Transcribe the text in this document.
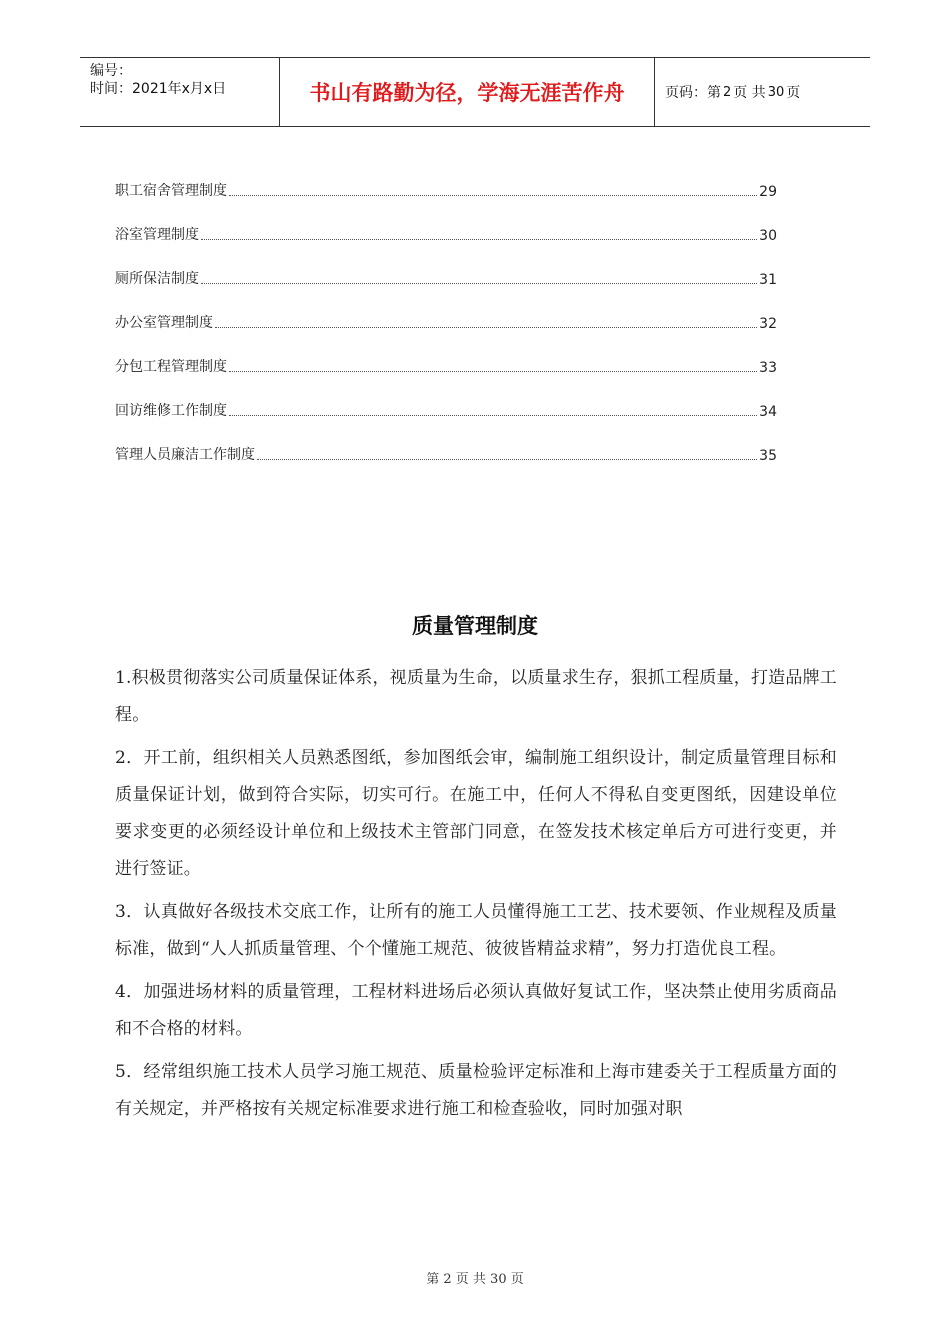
编号：
时间：2021年x月x日	书山有路勤为径，学海无涯苦作舟	页码：第 2 页 共 30 页
职工宿舍管理制度	29
浴室管理制度	30
厕所保洁制度	31
办公室管理制度	32
分包工程管理制度	33
回访维修工作制度	34
管理人员廉洁工作制度	35
质量管理制度

1.积极贯彻落实公司质量保证体系，视质量为生命，以质量求生存，狠抓工程质量，打造品牌工程。

2．开工前，组织相关人员熟悉图纸，参加图纸会审，编制施工组织设计，制定质量管理目标和质量保证计划，做到符合实际，切实可行。在施工中，任何人不得私自变更图纸，因建设单位要求变更的必须经设计单位和上级技术主管部门同意，在签发技术核定单后方可进行变更，并进行签证。

3．认真做好各级技术交底工作，让所有的施工人员懂得施工工艺、技术要领、作业规程及质量标准，做到“人人抓质量管理、个个懂施工规范、彼彼皆精益求精”，努力打造优良工程。

4．加强进场材料的质量管理，工程材料进场后必须认真做好复试工作，坚决禁止使用劣质商品和不合格的材料。

5．经常组织施工技术人员学习施工规范、质量检验评定标准和上海市建委关于工程质量方面的有关规定，并严格按有关规定标准要求进行施工和检查验收，同时加强对职

第 2 页 共 30 页
